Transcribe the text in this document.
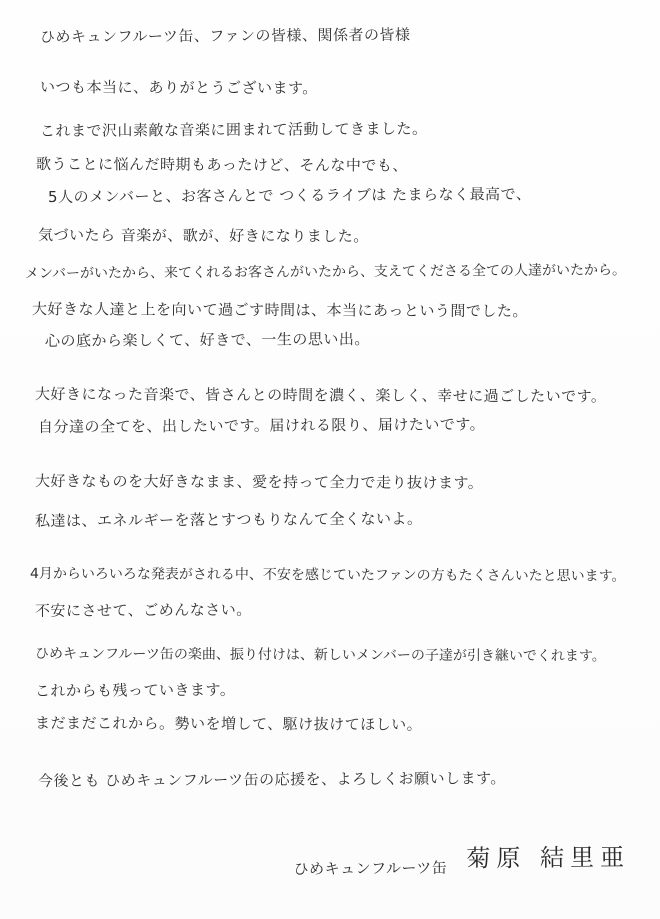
ひめキュンフルーツ缶、ファンの皆様、関係者の皆様
いつも本当に、ありがとうございます。
これまで沢山素敵な音楽に囲まれて活動してきました。
歌うことに悩んだ時期もあったけど、そんな中でも、
5人のメンバーと、お客さんとで つくるライブは たまらなく最高で、
気づいたら 音楽が、歌が、好きになりました。
メンバーがいたから、来てくれるお客さんがいたから、支えてくださる全ての人達がいたから。
大好きな人達と上を向いて過ごす時間は、本当にあっという間でした。
心の底から楽しくて、好きで、一生の思い出。
大好きになった音楽で、皆さんとの時間を濃く、楽しく、幸せに過ごしたいです。
自分達の全てを、出したいです。届けれる限り、届けたいです。
大好きなものを大好きなまま、愛を持って全力で走り抜けます。
私達は、エネルギーを落とすつもりなんて全くないよ。
4月からいろいろな発表がされる中、不安を感じていたファンの方もたくさんいたと思います。
不安にさせて、ごめんなさい。
ひめキュンフルーツ缶の楽曲、振り付けは、新しいメンバーの子達が引き継いでくれます。
これからも残っていきます。
まだまだこれから。勢いを増して、駆け抜けてほしい。
今後とも ひめキュンフルーツ缶の応援を、よろしくお願いします。
ひめキュンフルーツ缶 菊原 結里亜
